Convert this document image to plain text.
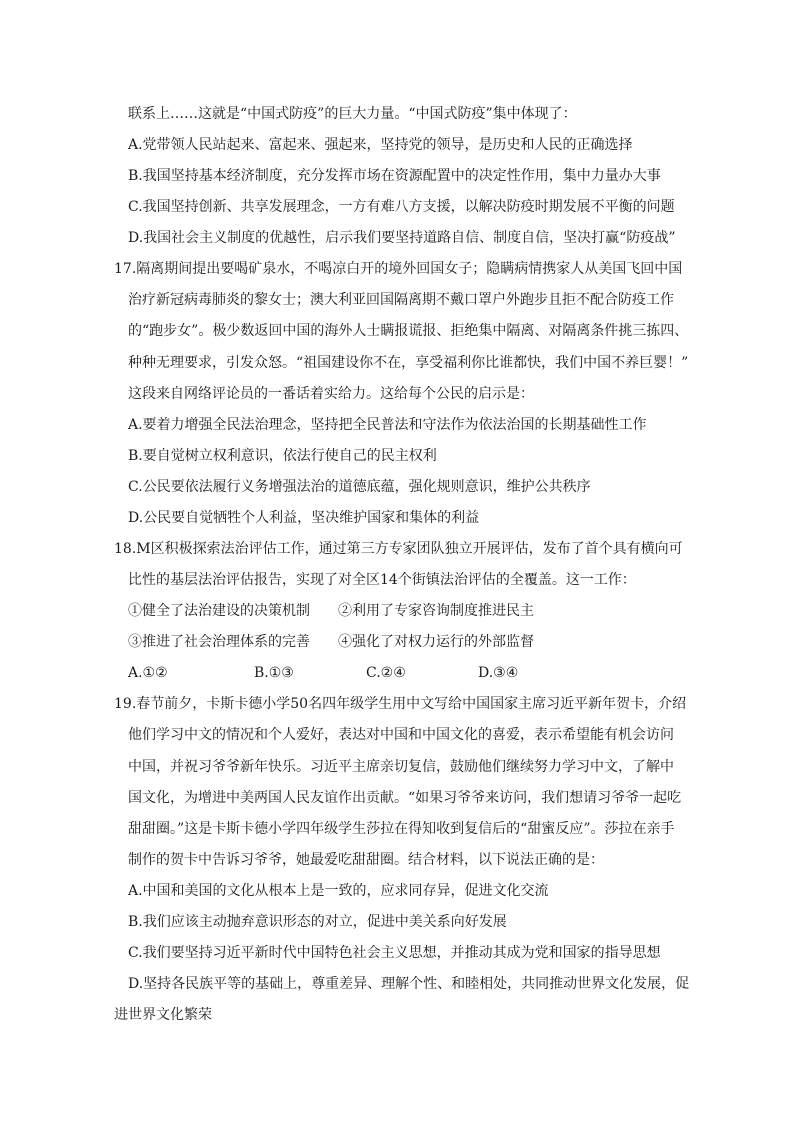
联系上……这就是“中国式防疫”的巨大力量。“中国式防疫”集中体现了：
A.党带领人民站起来、富起来、强起来，坚持党的领导，是历史和人民的正确选择
B.我国坚持基本经济制度，充分发挥市场在资源配置中的决定性作用，集中力量办大事
C.我国坚持创新、共享发展理念，一方有难八方支援，以解决防疫时期发展不平衡的问题
D.我国社会主义制度的优越性，启示我们要坚持道路自信、制度自信，坚决打赢“防疫战”
17.隔离期间提出要喝矿泉水，不喝凉白开的境外回国女子；隐瞒病情携家人从美国飞回中国
治疗新冠病毒肺炎的黎女士；澳大利亚回国隔离期不戴口罩户外跑步且拒不配合防疫工作
的“跑步女”。极少数返回中国的海外人士瞒报谎报、拒绝集中隔离、对隔离条件挑三拣四、
种种无理要求，引发众怒。“祖国建设你不在，享受福利你比谁都快，我们中国不养巨婴！”
这段来自网络评论员的一番话着实给力。这给每个公民的启示是：
A.要着力增强全民法治理念，坚持把全民普法和守法作为依法治国的长期基础性工作
B.要自觉树立权利意识，依法行使自己的民主权利
C.公民要依法履行义务增强法治的道德底蕴，强化规则意识，维护公共秩序
D.公民要自觉牺牲个人利益，坚决维护国家和集体的利益
18.M区积极探索法治评估工作，通过第三方专家团队独立开展评估，发布了首个具有横向可
比性的基层法治评估报告，实现了对全区14个街镇法治评估的全覆盖。这一工作：
①健全了法治建设的决策机制 ②利用了专家咨询制度推进民主
③推进了社会治理体系的完善 ④强化了对权力运行的外部监督
A.①②	B.①③	C.②④	D.③④
19.春节前夕，卡斯卡德小学50名四年级学生用中文写给中国国家主席习近平新年贺卡，介绍
他们学习中文的情况和个人爱好，表达对中国和中国文化的喜爱，表示希望能有机会访问
中国，并祝习爷爷新年快乐。习近平主席亲切复信，鼓励他们继续努力学习中文，了解中
国文化，为增进中美两国人民友谊作出贡献。“如果习爷爷来访问，我们想请习爷爷一起吃
甜甜圈。”这是卡斯卡德小学四年级学生莎拉在得知收到复信后的“甜蜜反应”。莎拉在亲手
制作的贺卡中告诉习爷爷，她最爱吃甜甜圈。结合材料，以下说法正确的是：
A.中国和美国的文化从根本上是一致的，应求同存异，促进文化交流
B.我们应该主动抛弃意识形态的对立，促进中美关系向好发展
C.我们要坚持习近平新时代中国特色社会主义思想，并推动其成为党和国家的指导思想
D.坚持各民族平等的基础上，尊重差异、理解个性、和睦相处，共同推动世界文化发展，促
进世界文化繁荣
